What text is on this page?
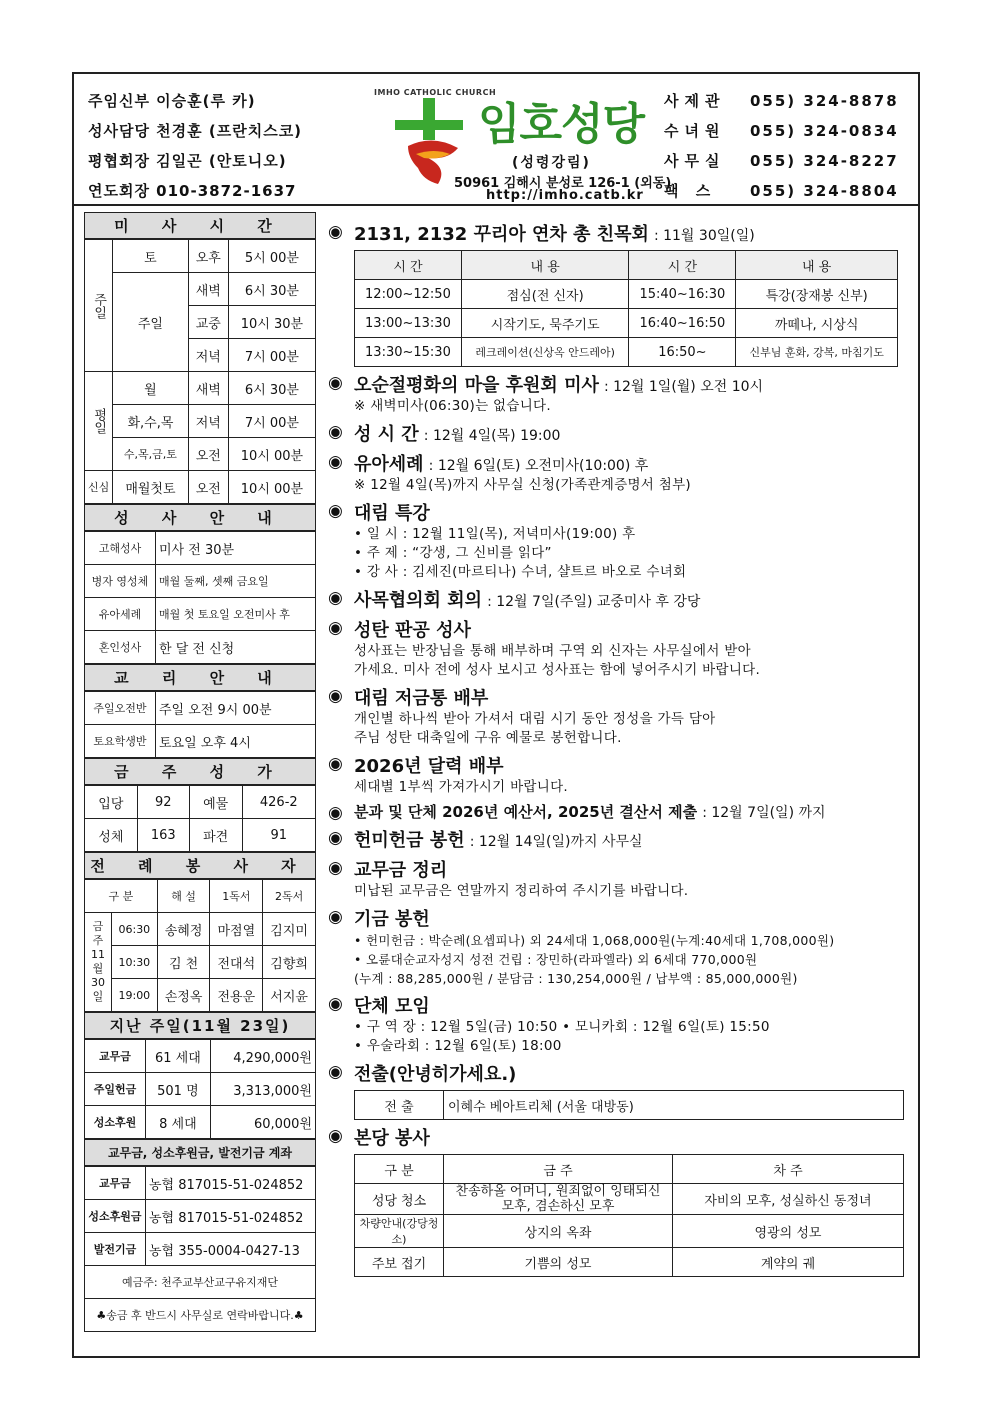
주임신부 이승훈(루 카)
성사담당 천경훈 (프란치스코)
평협회장 김일곤 (안토니오)
연도회장 010-3872-1637
IMHO CATHOLIC CHURCH
임호성당
(성령강림)
50961 김해시 분성로 126-1 (외동)
http://imho.catb.kr
사제관	055) 324-8878
수녀원	055) 324-0834
사무실	055) 324-8227
팩 스	055) 324-8804
미 사 시 간
주일	토	오후	5시 00분
	주일	새벽	6시 30분
		교중	10시 30분
		저녁	7시 00분
평일	월	새벽	6시 30분
	화,수,목	저녁	7시 00분
	수,목,금,토	오전	10시 00분
신심	매월첫토	오전	10시 00분
성 사 안 내
고해성사	미사 전 30분
병자 영성체	매월 둘째, 셋째 금요일
유아세례	매월 첫 토요일 오전미사 후
혼인성사	한 달 전 신청
교 리 안 내
주일오전반	주일 오전 9시 00분
토요학생반	토요일 오후 4시
금 주 성 가
입당	92	예물	426-2
성체	163	파견	91
전 례 봉 사 자
구 분		해 설	1독서	2독서
금주 11월 30일	06:30	송혜정	마점열	김지미
	10:30	김 천	전대석	김향희
	19:00	손정옥	전용운	서지윤
지난 주일(11월 23일)
교무금	61 세대	4,290,000원
주일헌금	501 명	3,313,000원
성소후원	8 세대	60,000원
교무금, 성소후원금, 발전기금 계좌
교무금	농협 817015-51-024852
성소후원금	농협 817015-51-024852
발전기금	농협 355-0004-0427-13
예금주: 천주교부산교구유지재단	
♣송금 후 반드시 사무실로 연락바랍니다.♣	
◉ 2131, 2132 꾸리아 연차 총 친목회 : 11월 30일(일)
시 간	내 용	시 간	내 용
12:00~12:50	점심(전 신자)	15:40~16:30	특강(장재봉 신부)
13:00~13:30	시작기도, 묵주기도	16:40~16:50	까떼나, 시상식
13:30~15:30	레크레이션(신상옥 안드레아)	16:50~	신부님 훈화, 강복, 마침기도
◉ 오순절평화의 마을 후원회 미사 : 12월 1일(월) 오전 10시
※ 새벽미사(06:30)는 없습니다.
◉ 성 시 간 : 12월 4일(목) 19:00
◉ 유아세례 : 12월 6일(토) 오전미사(10:00) 후
※ 12월 4일(목)까지 사무실 신청(가족관계증명서 첨부)
◉ 대림 특강
• 일 시 : 12월 11일(목), 저녁미사(19:00) 후
• 주 제 : “강생, 그 신비를 읽다”
• 강 사 : 김세진(마르티나) 수녀, 샬트르 바오로 수녀회
◉ 사목협의회 회의 : 12월 7일(주일) 교중미사 후 강당
◉ 성탄 판공 성사
성사표는 반장님을 통해 배부하며 구역 외 신자는 사무실에서 받아
가세요. 미사 전에 성사 보시고 성사표는 함에 넣어주시기 바랍니다.
◉ 대림 저금통 배부
개인별 하나씩 받아 가셔서 대림 시기 동안 정성을 가득 담아
주님 성탄 대축일에 구유 예물로 봉헌합니다.
◉ 2026년 달력 배부
세대별 1부씩 가져가시기 바랍니다.
◉ 분과 및 단체 2026년 예산서, 2025년 결산서 제출 : 12월 7일(일) 까지
◉ 헌미헌금 봉헌 : 12월 14일(일)까지 사무실
◉ 교무금 정리
미납된 교무금은 연말까지 정리하여 주시기를 바랍니다.
◉ 기금 봉헌
• 헌미헌금 : 박순례(요셉피나) 외 24세대 1,068,000원(누계:40세대 1,708,000원)
• 오륜대순교자성지 성전 건립 : 장민하(라파엘라) 외 6세대 770,000원
(누계 : 88,285,000원 / 분담금 : 130,254,000원 / 납부액 : 85,000,000원)
◉ 단체 모임
• 구 역 장 : 12월 5일(금) 10:50 • 모니카회 : 12월 6일(토) 15:50
• 우술라회 : 12월 6일(토) 18:00
◉ 전출(안녕히가세요.)
전 출	이혜수 베아트리체 (서울 대방동)
◉ 본당 봉사
구 분	금 주	차 주
성당 청소	찬송하올 어머니, 원죄없이 잉태되신 모후, 겸손하신 모후	자비의 모후, 성실하신 동정녀
차량안내(강당청소)	상지의 옥좌	영광의 성모
주보 접기	기쁨의 성모	계약의 궤
